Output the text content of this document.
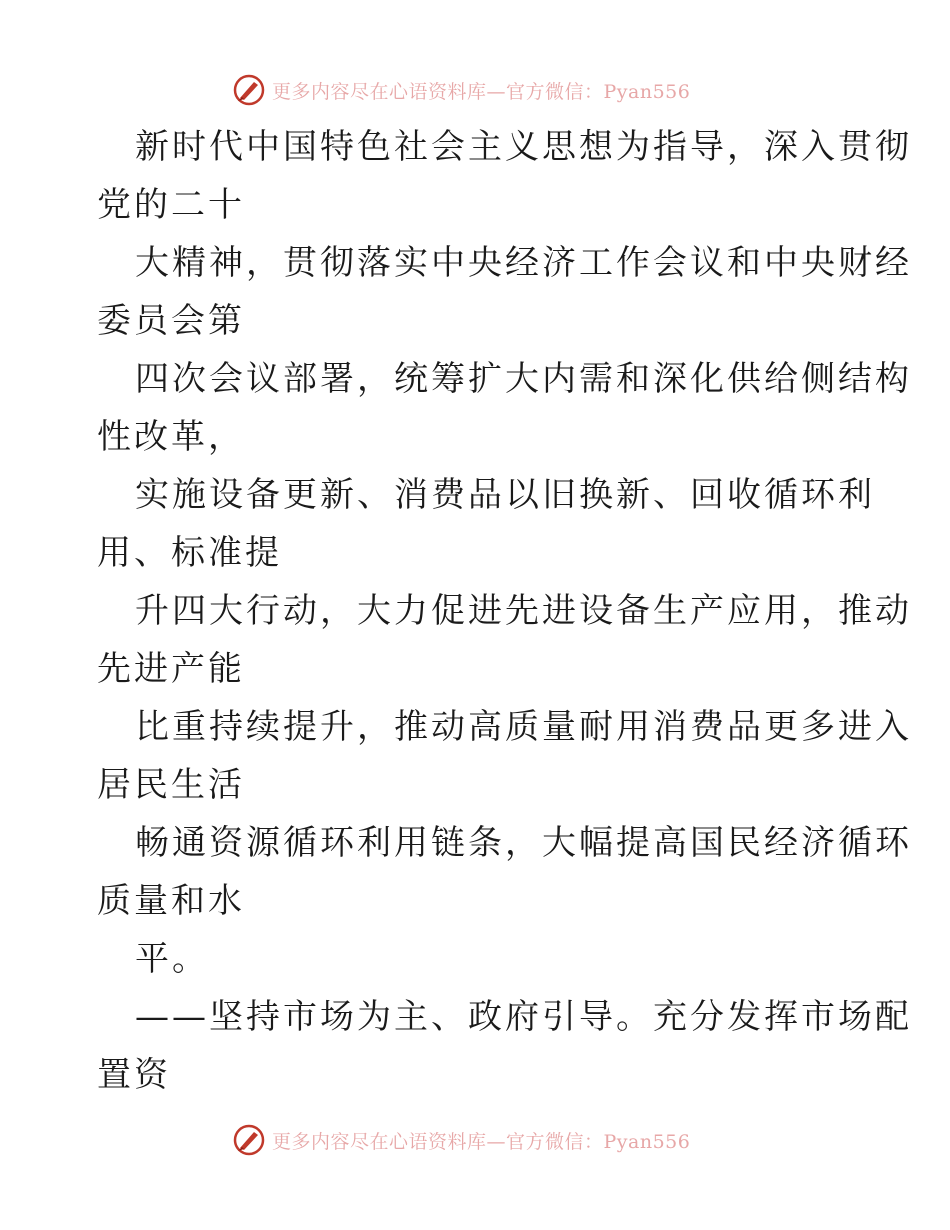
更多内容尽在心语资料库—官方微信：Pyan556
新时代中国特色社会主义思想为指导，深入贯彻
党的二十
大精神，贯彻落实中央经济工作会议和中央财经
委员会第
四次会议部署，统筹扩大内需和深化供给侧结构
性改革，
实施设备更新、消费品以旧换新、回收循环利
用、标准提
升四大行动，大力促进先进设备生产应用，推动
先进产能
比重持续提升，推动高质量耐用消费品更多进入
居民生活
畅通资源循环利用链条，大幅提高国民经济循环
质量和水
平。
——坚持市场为主、政府引导。充分发挥市场配
置资
更多内容尽在心语资料库—官方微信：Pyan556
